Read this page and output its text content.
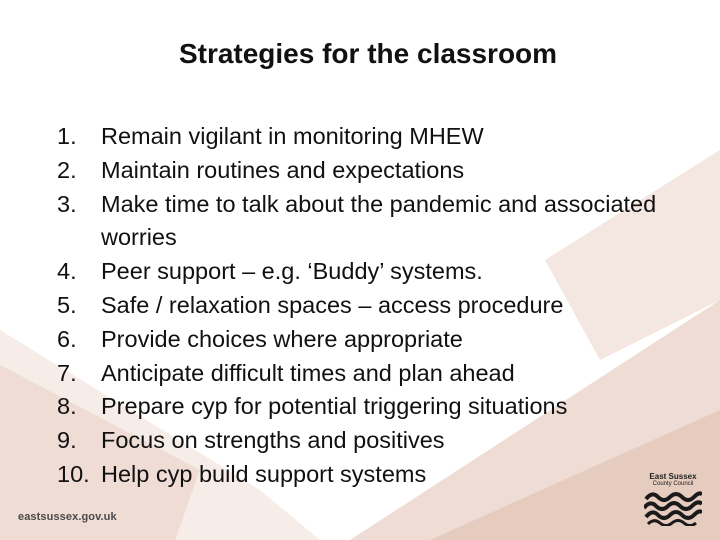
Strategies for the classroom
1. Remain vigilant in monitoring MHEW
2. Maintain routines and expectations
3. Make time to talk about the pandemic and associated worries
4. Peer support – e.g. ‘Buddy’ systems.
5. Safe / relaxation spaces – access procedure
6. Provide choices where appropriate
7. Anticipate difficult times and plan ahead
8. Prepare cyp for potential triggering situations
9. Focus on strengths and positives
10. Help cyp build support systems
eastsussex.gov.uk
East Sussex
County Council
